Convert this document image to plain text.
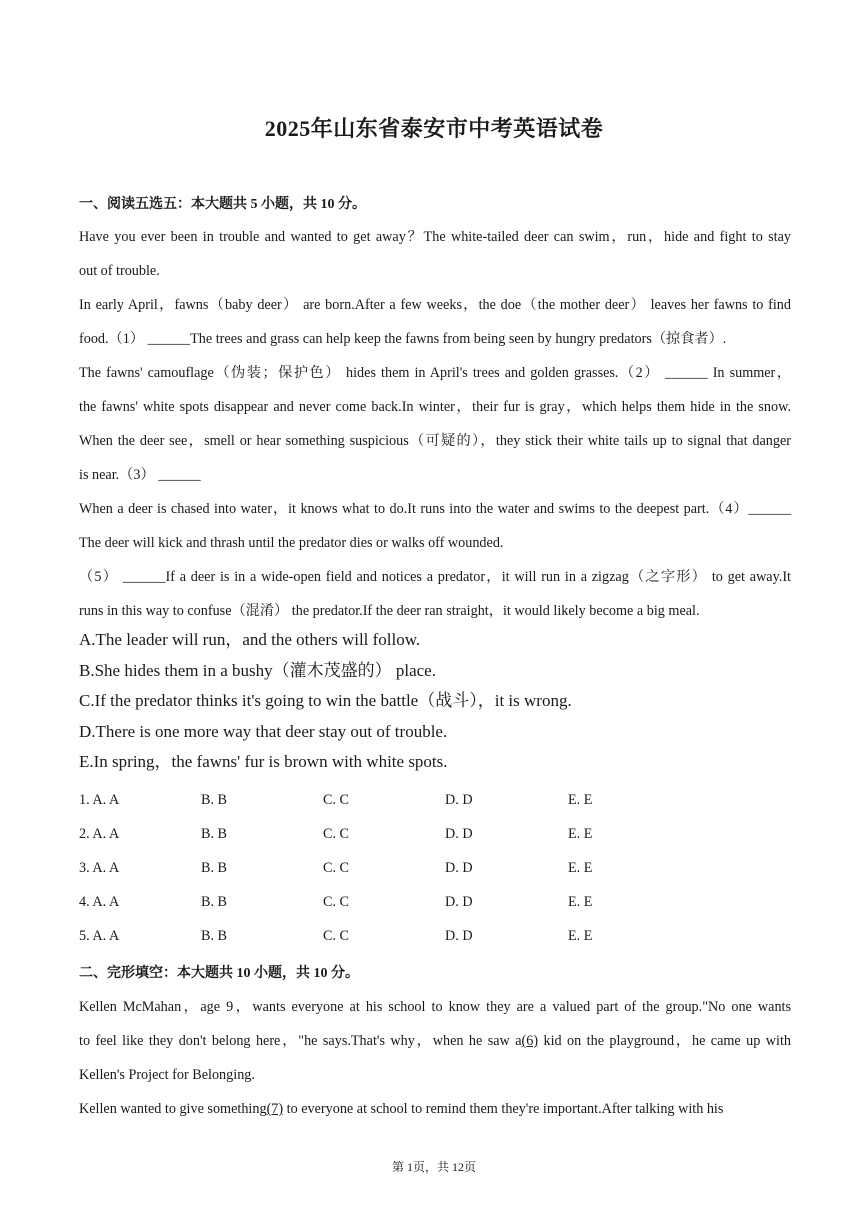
2025年山东省泰安市中考英语试卷
一、阅读五选五：本大题共 5 小题，共 10 分。

Have you ever been in trouble and wanted to get away？The white-tailed deer can swim，run，hide and fight to stay

out of trouble.

In early April，fawns（baby deer） are born.After a few weeks，the doe（the mother deer） leaves her fawns to find

food.（1） ______The trees and grass can help keep the fawns from being seen by hungry predators（掠食者）.

The fawns' camouflage（伪装；保护色） hides them in April's trees and golden grasses.（2） ______ In summer，

the fawns' white spots disappear and never come back.In winter，their fur is gray，which helps them hide in the snow.

When the deer see，smell or hear something suspicious（可疑的），they stick their white tails up to signal that danger

is near.（3） ______

When a deer is chased into water，it knows what to do.It runs into the water and swims to the deepest part.（4）______

The deer will kick and thrash until the predator dies or walks off wounded.

（5） ______If a deer is in a wide-open field and notices a predator，it will run in a zigzag（之字形） to get away.It

runs in this way to confuse（混淆） the predator.If the deer ran straight，it would likely become a big meal.

A.The leader will run，and the others will follow.

B.She hides them in a bushy（灌木茂盛的） place.

C.If the predator thinks it's going to win the battle（战斗），it is wrong.

D.There is one more way that deer stay out of trouble.

E.In spring，the fawns' fur is brown with white spots.

1. A. A	B. B	C. C	D. D	E. E
2. A. A	B. B	C. C	D. D	E. E
3. A. A	B. B	C. C	D. D	E. E
4. A. A	B. B	C. C	D. D	E. E
5. A. A	B. B	C. C	D. D	E. E
二、完形填空：本大题共 10 小题，共 10 分。

Kellen McMahan，age 9，wants everyone at his school to know they are a valued part of the group."No one wants

to feel like they don't belong here，"he says.That's why，when he saw a(6) kid on the playground，he came up with

Kellen's Project for Belonging.

Kellen wanted to give something(7) to everyone at school to remind them they're important.After talking with his

第 1页，共 12页
